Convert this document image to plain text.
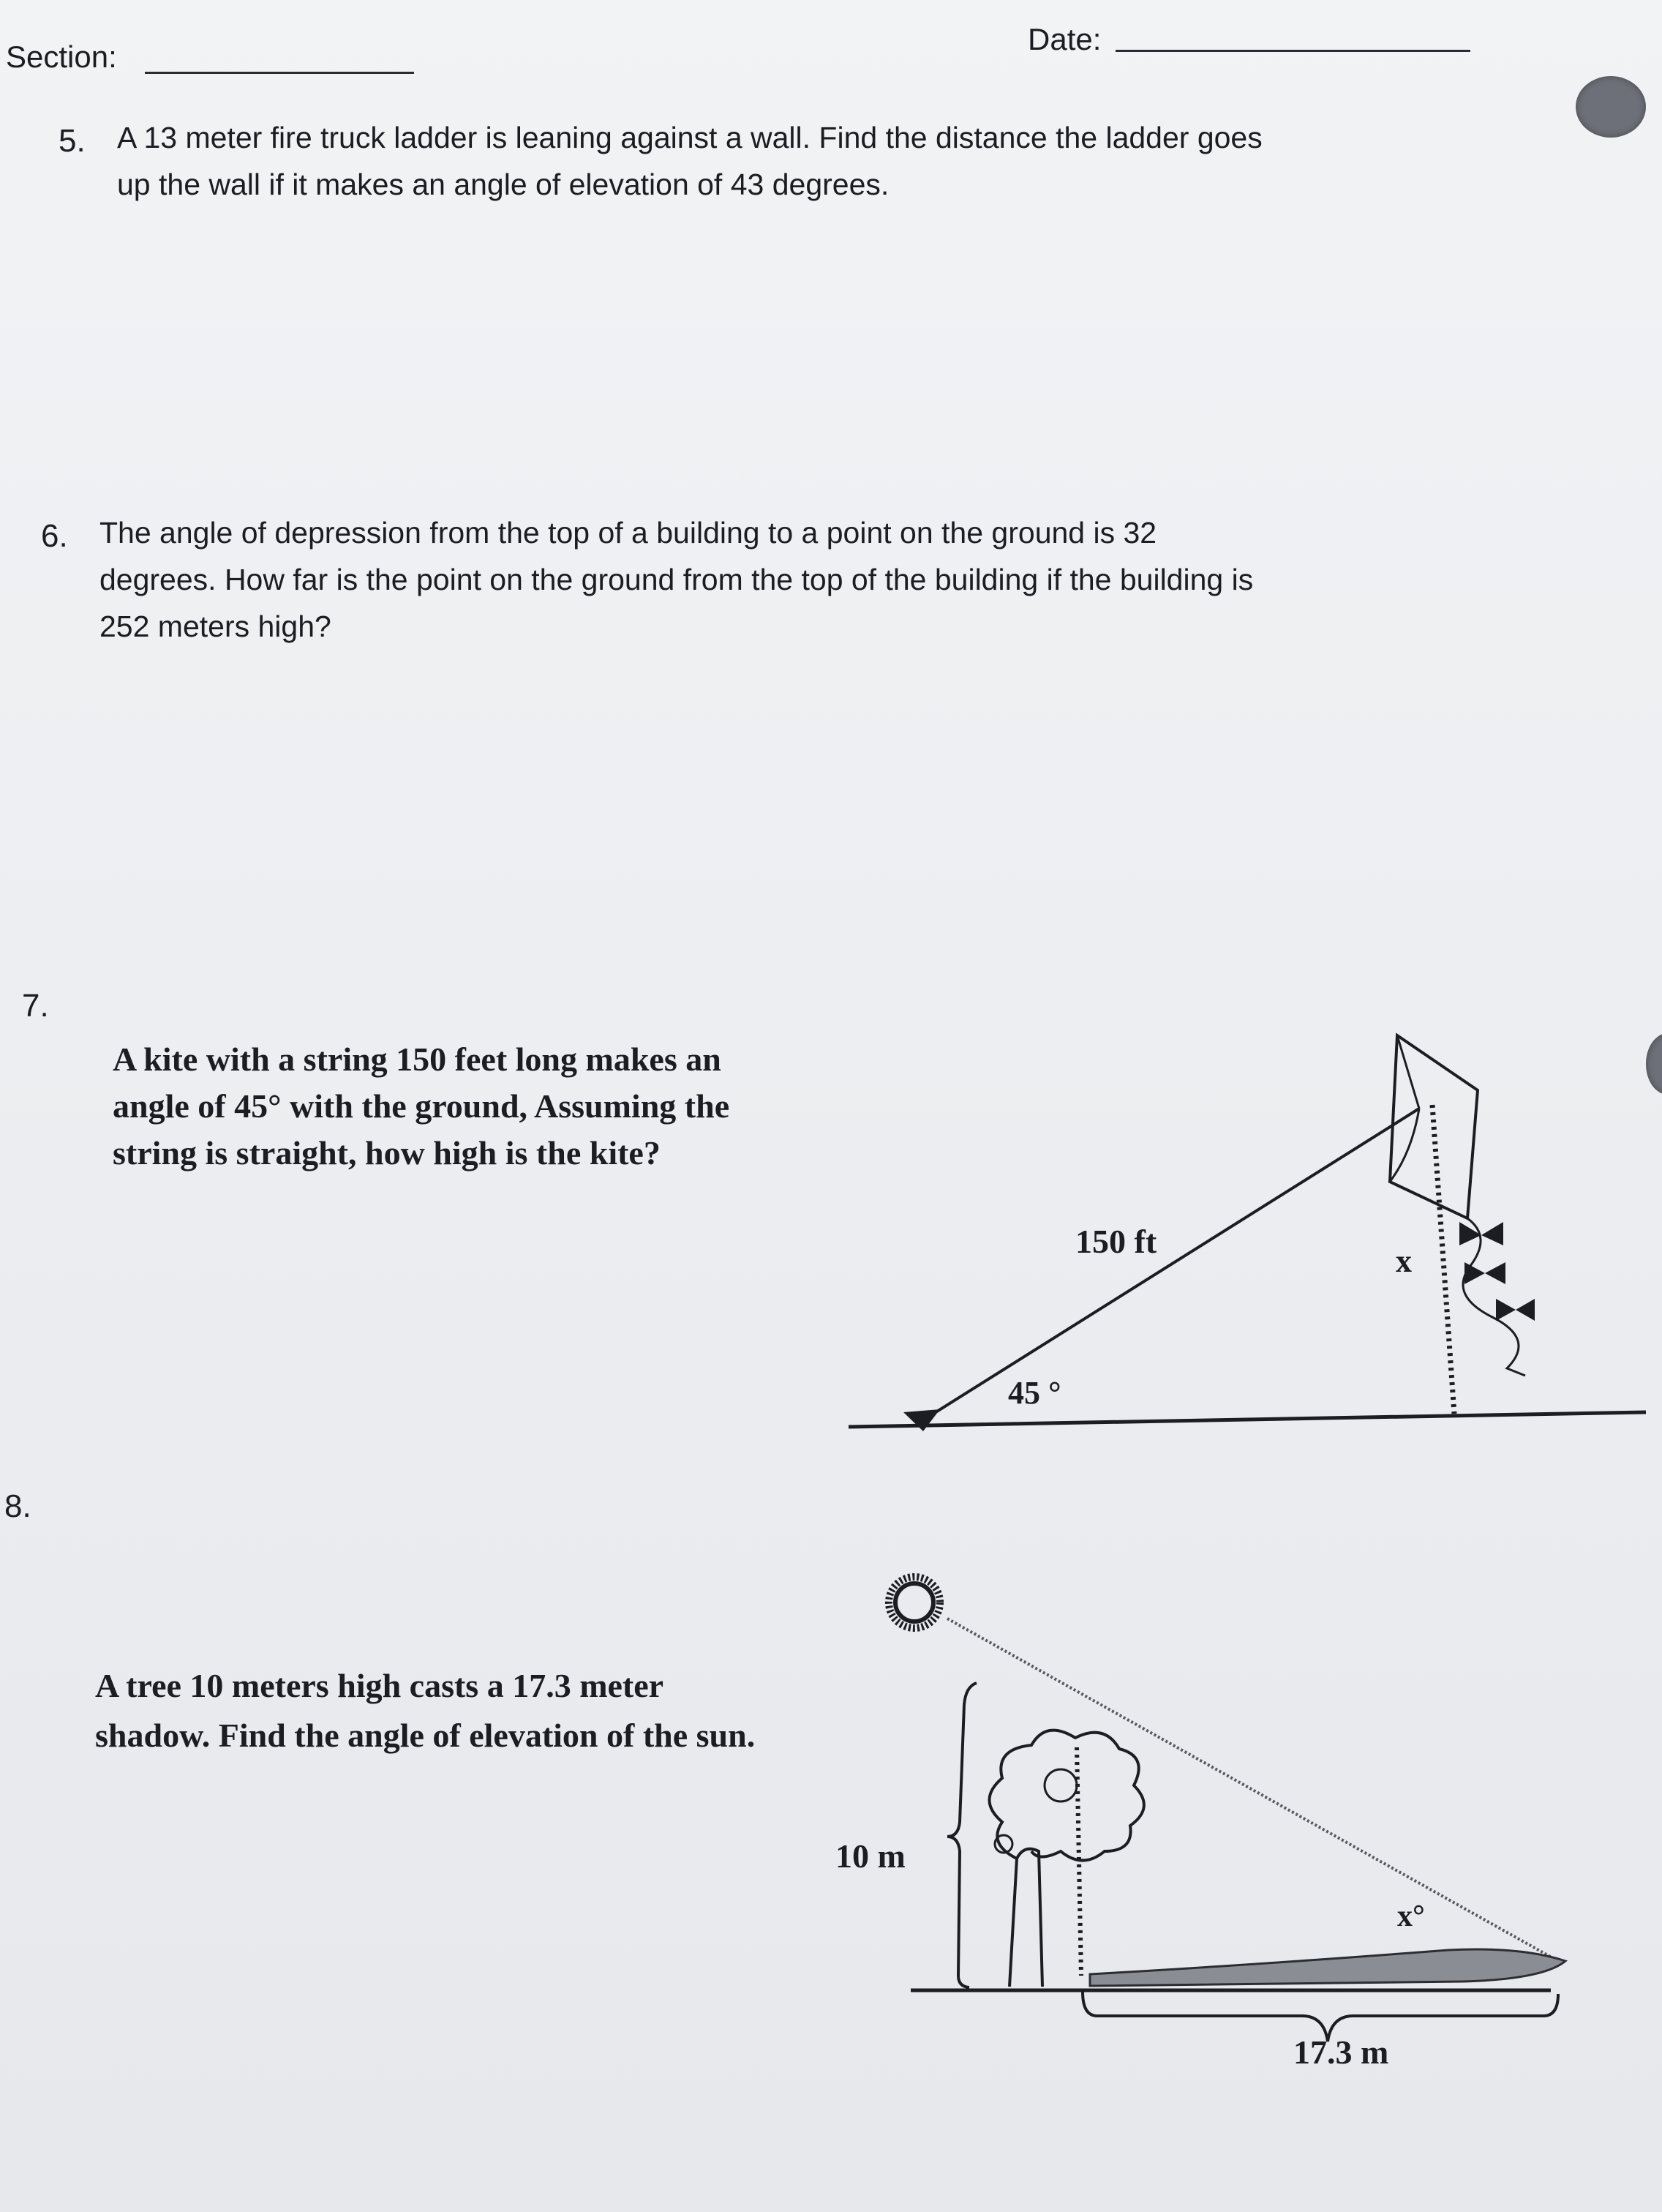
Section:
Date:
5. A 13 meter fire truck ladder is leaning against a wall. Find the distance the ladder goes
up the wall if it makes an angle of elevation of 43 degrees.
6. The angle of depression from the top of a building to a point on the ground is 32
degrees. How far is the point on the ground from the top of the building if the building is
252 meters high?
7.
A kite with a string 150 feet long makes an
angle of 45° with the ground, Assuming the
string is straight, how high is the kite?
150 ft
45 °
x
8.
A tree 10 meters high casts a 17.3 meter
shadow. Find the angle of elevation of the sun.
10 m
x°
17.3 m
